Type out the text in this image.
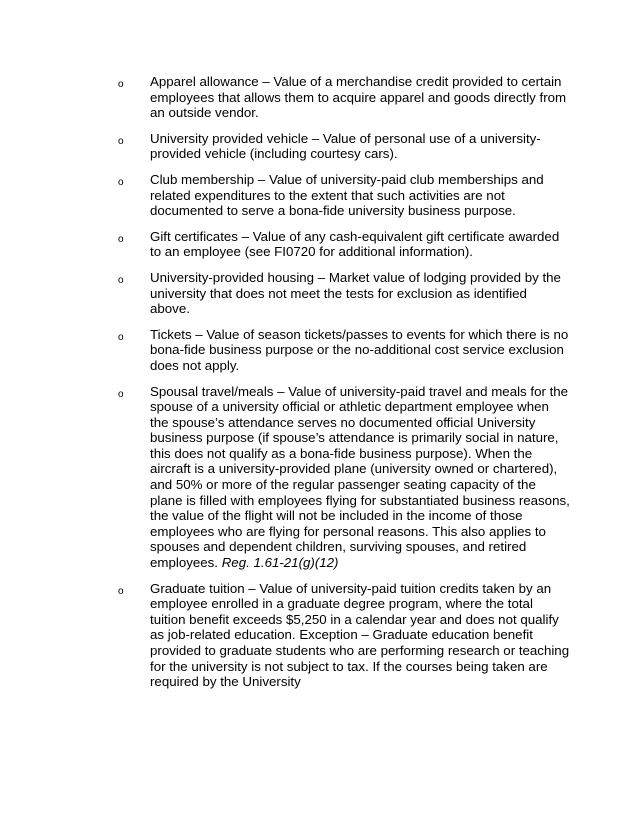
o Apparel allowance – Value of a merchandise credit provided to certain employees that allows them to acquire apparel and goods directly from an outside vendor.
o University provided vehicle – Value of personal use of a university-provided vehicle (including courtesy cars).
o Club membership – Value of university-paid club memberships and related expenditures to the extent that such activities are not documented to serve a bona-fide university business purpose.
o Gift certificates – Value of any cash-equivalent gift certificate awarded to an employee (see FI0720 for additional information).
o University-provided housing – Market value of lodging provided by the university that does not meet the tests for exclusion as identified above.
o Tickets – Value of season tickets/passes to events for which there is no bona-fide business purpose or the no-additional cost service exclusion does not apply.
o Spousal travel/meals – Value of university-paid travel and meals for the spouse of a university official or athletic department employee when the spouse’s attendance serves no documented official University business purpose (if spouse’s attendance is primarily social in nature, this does not qualify as a bona-fide business purpose). When the aircraft is a university-provided plane (university owned or chartered), and 50% or more of the regular passenger seating capacity of the plane is filled with employees flying for substantiated business reasons, the value of the flight will not be included in the income of those employees who are flying for personal reasons. This also applies to spouses and dependent children, surviving spouses, and retired employees. Reg. 1.61-21(g)(12)
o Graduate tuition – Value of university-paid tuition credits taken by an employee enrolled in a graduate degree program, where the total tuition benefit exceeds $5,250 in a calendar year and does not qualify as job-related education. Exception – Graduate education benefit provided to graduate students who are performing research or teaching for the university is not subject to tax. If the courses being taken are required by the University
